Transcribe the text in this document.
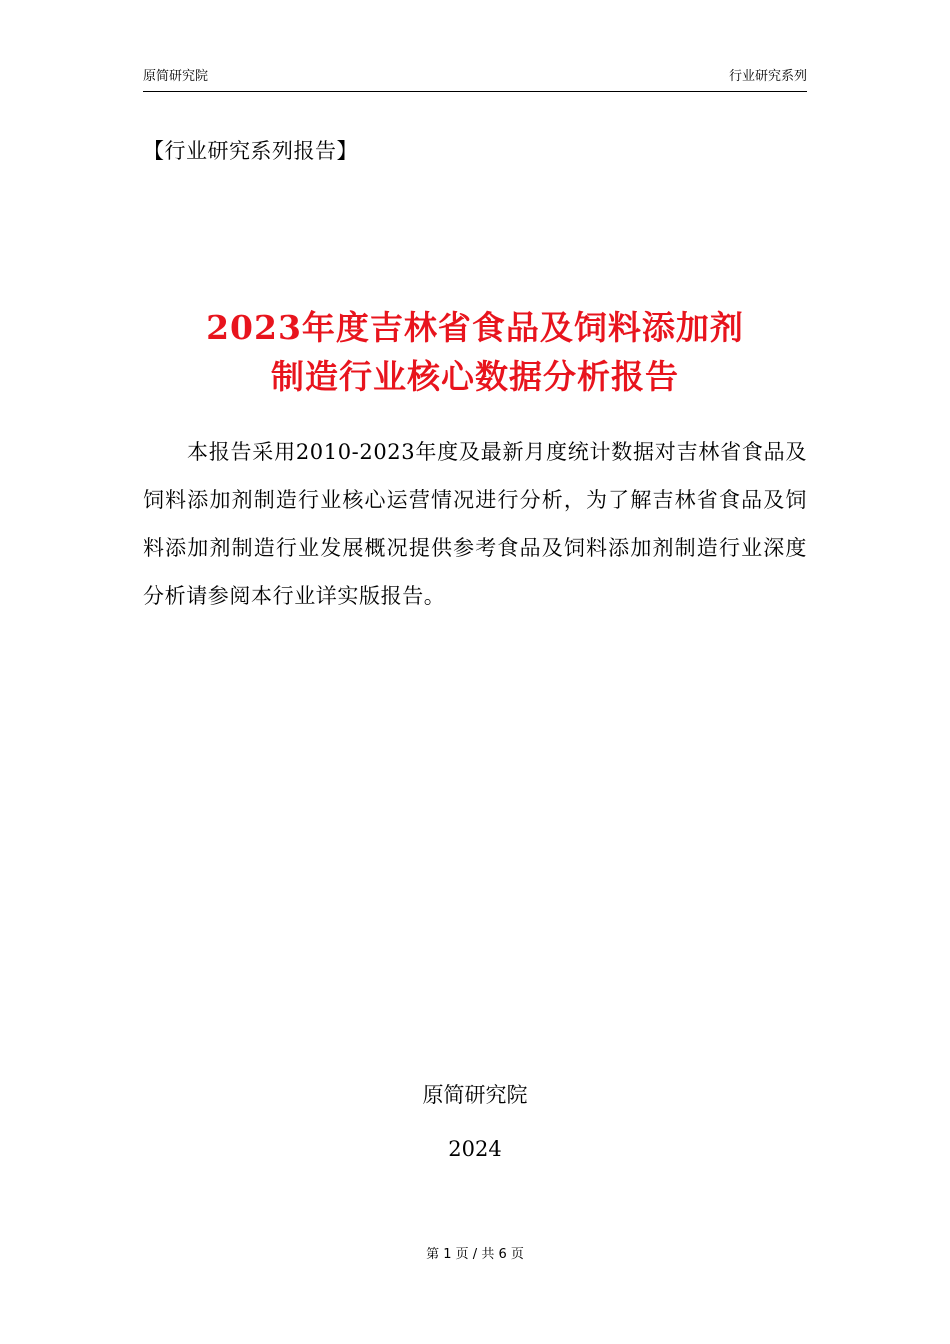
原简研究院	行业研究系列
【行业研究系列报告】
2023年度吉林省食品及饲料添加剂
制造行业核心数据分析报告

本报告采用2010-2023年度及最新月度统计数据对吉林省食品及饲料添加剂制造行业核心运营情况进行分析，为了解吉林省食品及饲料添加剂制造行业发展概况提供参考食品及饲料添加剂制造行业深度分析请参阅本行业详实版报告。

原简研究院
2024
第 1 页 / 共 6 页
